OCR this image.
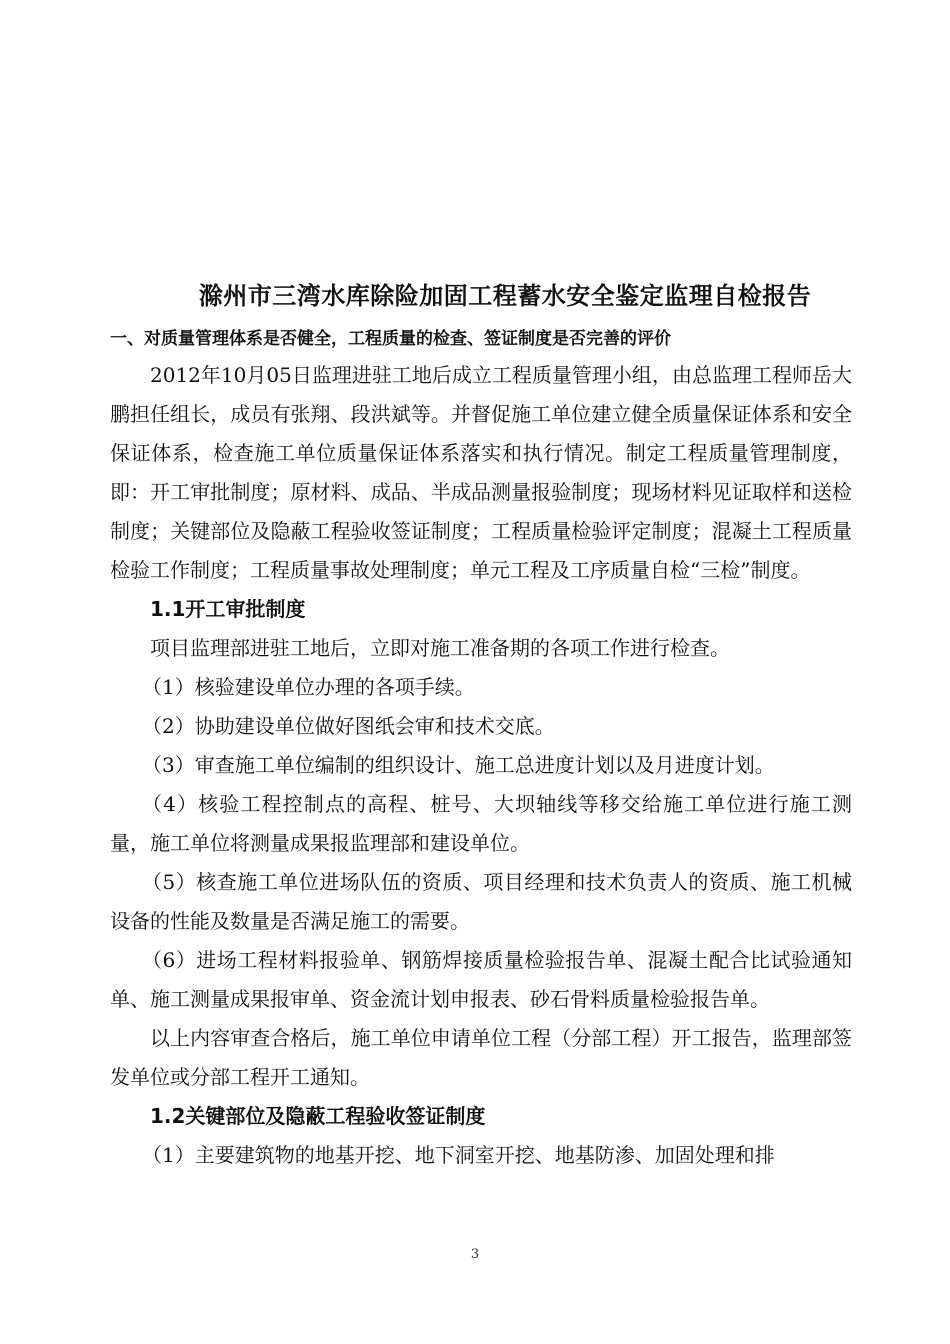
滁州市三湾水库除险加固工程蓄水安全鉴定监理自检报告
一、对质量管理体系是否健全，工程质量的检查、签证制度是否完善的评价

2012年10月05日监理进驻工地后成立工程质量管理小组，由总监理工程师岳大鹏担任组长，成员有张翔、段洪斌等。并督促施工单位建立健全质量保证体系和安全保证体系，检查施工单位质量保证体系落实和执行情况。制定工程质量管理制度，即：开工审批制度；原材料、成品、半成品测量报验制度；现场材料见证取样和送检制度；关键部位及隐蔽工程验收签证制度；工程质量检验评定制度；混凝土工程质量检验工作制度；工程质量事故处理制度；单元工程及工序质量自检“三检”制度。

1.1开工审批制度

项目监理部进驻工地后，立即对施工准备期的各项工作进行检查。

（1）核验建设单位办理的各项手续。

（2）协助建设单位做好图纸会审和技术交底。

（3）审查施工单位编制的组织设计、施工总进度计划以及月进度计划。

（4）核验工程控制点的高程、桩号、大坝轴线等移交给施工单位进行施工测量，施工单位将测量成果报监理部和建设单位。

（5）核查施工单位进场队伍的资质、项目经理和技术负责人的资质、施工机械设备的性能及数量是否满足施工的需要。

（6）进场工程材料报验单、钢筋焊接质量检验报告单、混凝土配合比试验通知单、施工测量成果报审单、资金流计划申报表、砂石骨料质量检验报告单。

以上内容审查合格后，施工单位申请单位工程（分部工程）开工报告，监理部签发单位或分部工程开工通知。

1.2关键部位及隐蔽工程验收签证制度

（1）主要建筑物的地基开挖、地下洞室开挖、地基防渗、加固处理和排

3
